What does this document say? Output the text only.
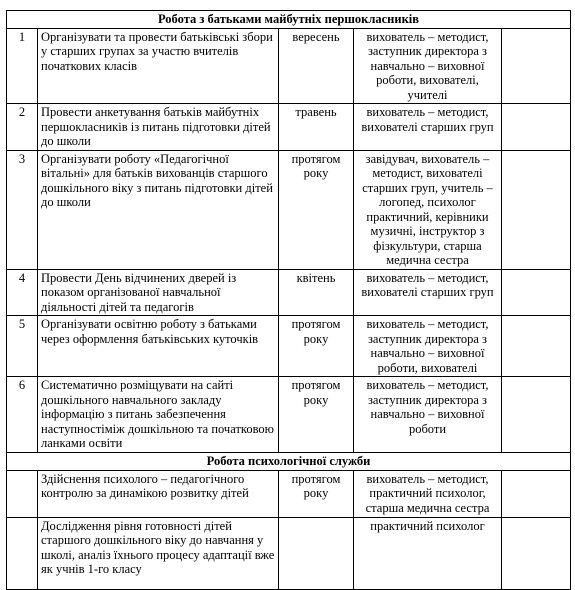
Робота з батьками майбутніх першокласників				
1	Організувати та провести батьківські збори у старших групах за участю вчителів початкових класів	вересень	вихователь – методист, заступник директора з навчально – виховної роботи, вихователі, учителі	
2	Провести анкетування батьків майбутніх першокласників із питань підготовки дітей до школи	травень	вихователь – методист, вихователі старших груп	
3	Організувати роботу «Педагогічної вітальні» для батьків вихованців старшого дошкільного віку з питань підготовки дітей до школи	протягом року	завідувач, вихователь – методист, вихователі старших груп, учитель – логопед, психолог практичний, керівники музичні, інструктор з фізкультури, старша медична сестра	
4	Провести День відчинених дверей із показом організованої навчальної діяльності дітей та педагогів	квітень	вихователь – методист, вихователі старших груп	
5	Організувати освітню роботу з батьками через оформлення батьківських куточків	протягом року	вихователь – методист, заступник директора з навчально – виховної роботи, вихователі	
6	Систематично розміщувати на сайті дошкільного навчального закладу інформацію з питань забезпечення наступностіміж дошкільною та початковою ланками освіти	протягом року	вихователь – методист, заступник директора з навчально – виховної роботи	
Робота психологічної служби				
	Здійснення психолого – педагогічного контролю за динамікою розвитку дітей	протягом року	вихователь – методист, практичний психолог, старша медична сестра	
	Дослідження рівня готовності дітей старшого дошкільного віку до навчання у школі, аналіз їхнього процесу адаптації вже як учнів 1-го класу		практичний психолог	
